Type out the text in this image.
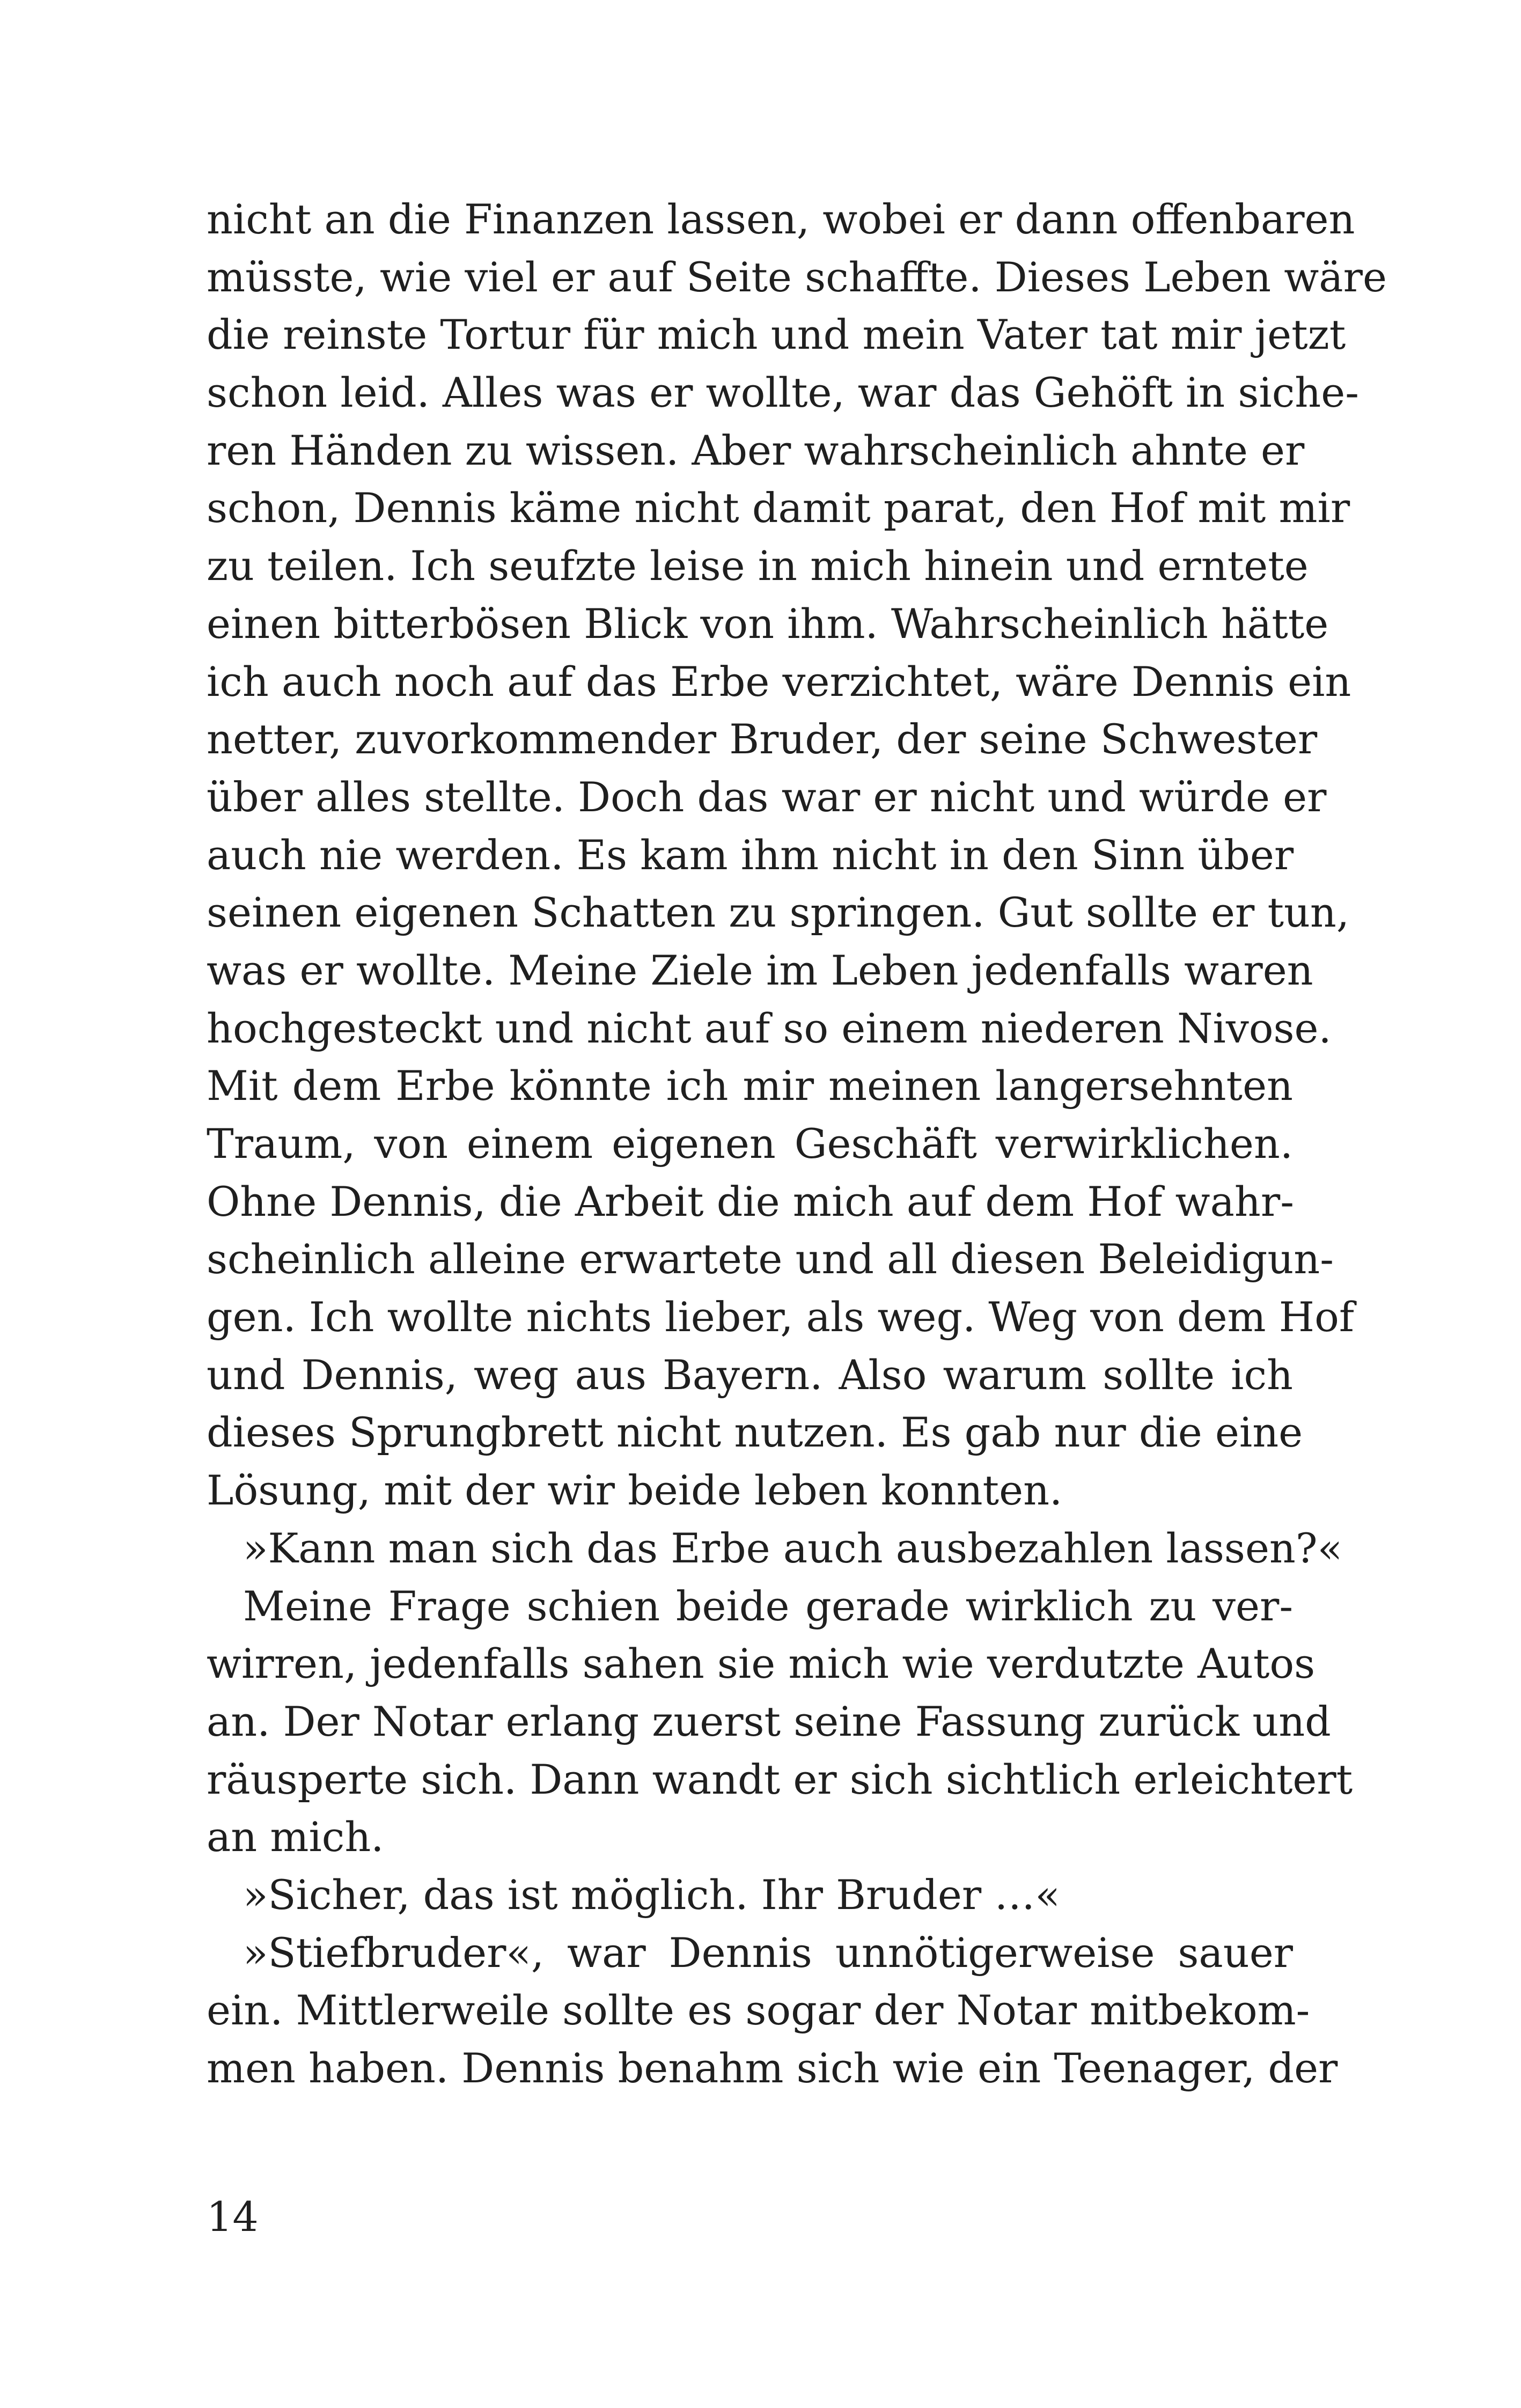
nicht an die Finanzen lassen, wobei er dann offenbaren
müsste, wie viel er auf Seite schaffte. Dieses Leben wäre
die reinste Tortur für mich und mein Vater tat mir jetzt
schon leid. Alles was er wollte, war das Gehöft in siche-
ren Händen zu wissen. Aber wahrscheinlich ahnte er
schon, Dennis käme nicht damit parat, den Hof mit mir
zu teilen. Ich seufzte leise in mich hinein und erntete
einen bitterbösen Blick von ihm. Wahrscheinlich hätte
ich auch noch auf das Erbe verzichtet, wäre Dennis ein
netter, zuvorkommender Bruder, der seine Schwester
über alles stellte. Doch das war er nicht und würde er
auch nie werden. Es kam ihm nicht in den Sinn über
seinen eigenen Schatten zu springen. Gut sollte er tun,
was er wollte. Meine Ziele im Leben jedenfalls waren
hochgesteckt und nicht auf so einem niederen Nivose.
Mit dem Erbe könnte ich mir meinen langersehnten
Traum, von einem eigenen Geschäft verwirklichen.
Ohne Dennis, die Arbeit die mich auf dem Hof wahr-
scheinlich alleine erwartete und all diesen Beleidigun-
gen. Ich wollte nichts lieber, als weg. Weg von dem Hof
und Dennis, weg aus Bayern. Also warum sollte ich
dieses Sprungbrett nicht nutzen. Es gab nur die eine
Lösung, mit der wir beide leben konnten.
»Kann man sich das Erbe auch ausbezahlen lassen?«
Meine Frage schien beide gerade wirklich zu ver-
wirren, jedenfalls sahen sie mich wie verdutzte Autos
an. Der Notar erlang zuerst seine Fassung zurück und
räusperte sich. Dann wandt er sich sichtlich erleichtert
an mich.
»Sicher, das ist möglich. Ihr Bruder …«
»Stiefbruder«, war Dennis unnötigerweise sauer
ein. Mittlerweile sollte es sogar der Notar mitbekom-
men haben. Dennis benahm sich wie ein Teenager, der
14
